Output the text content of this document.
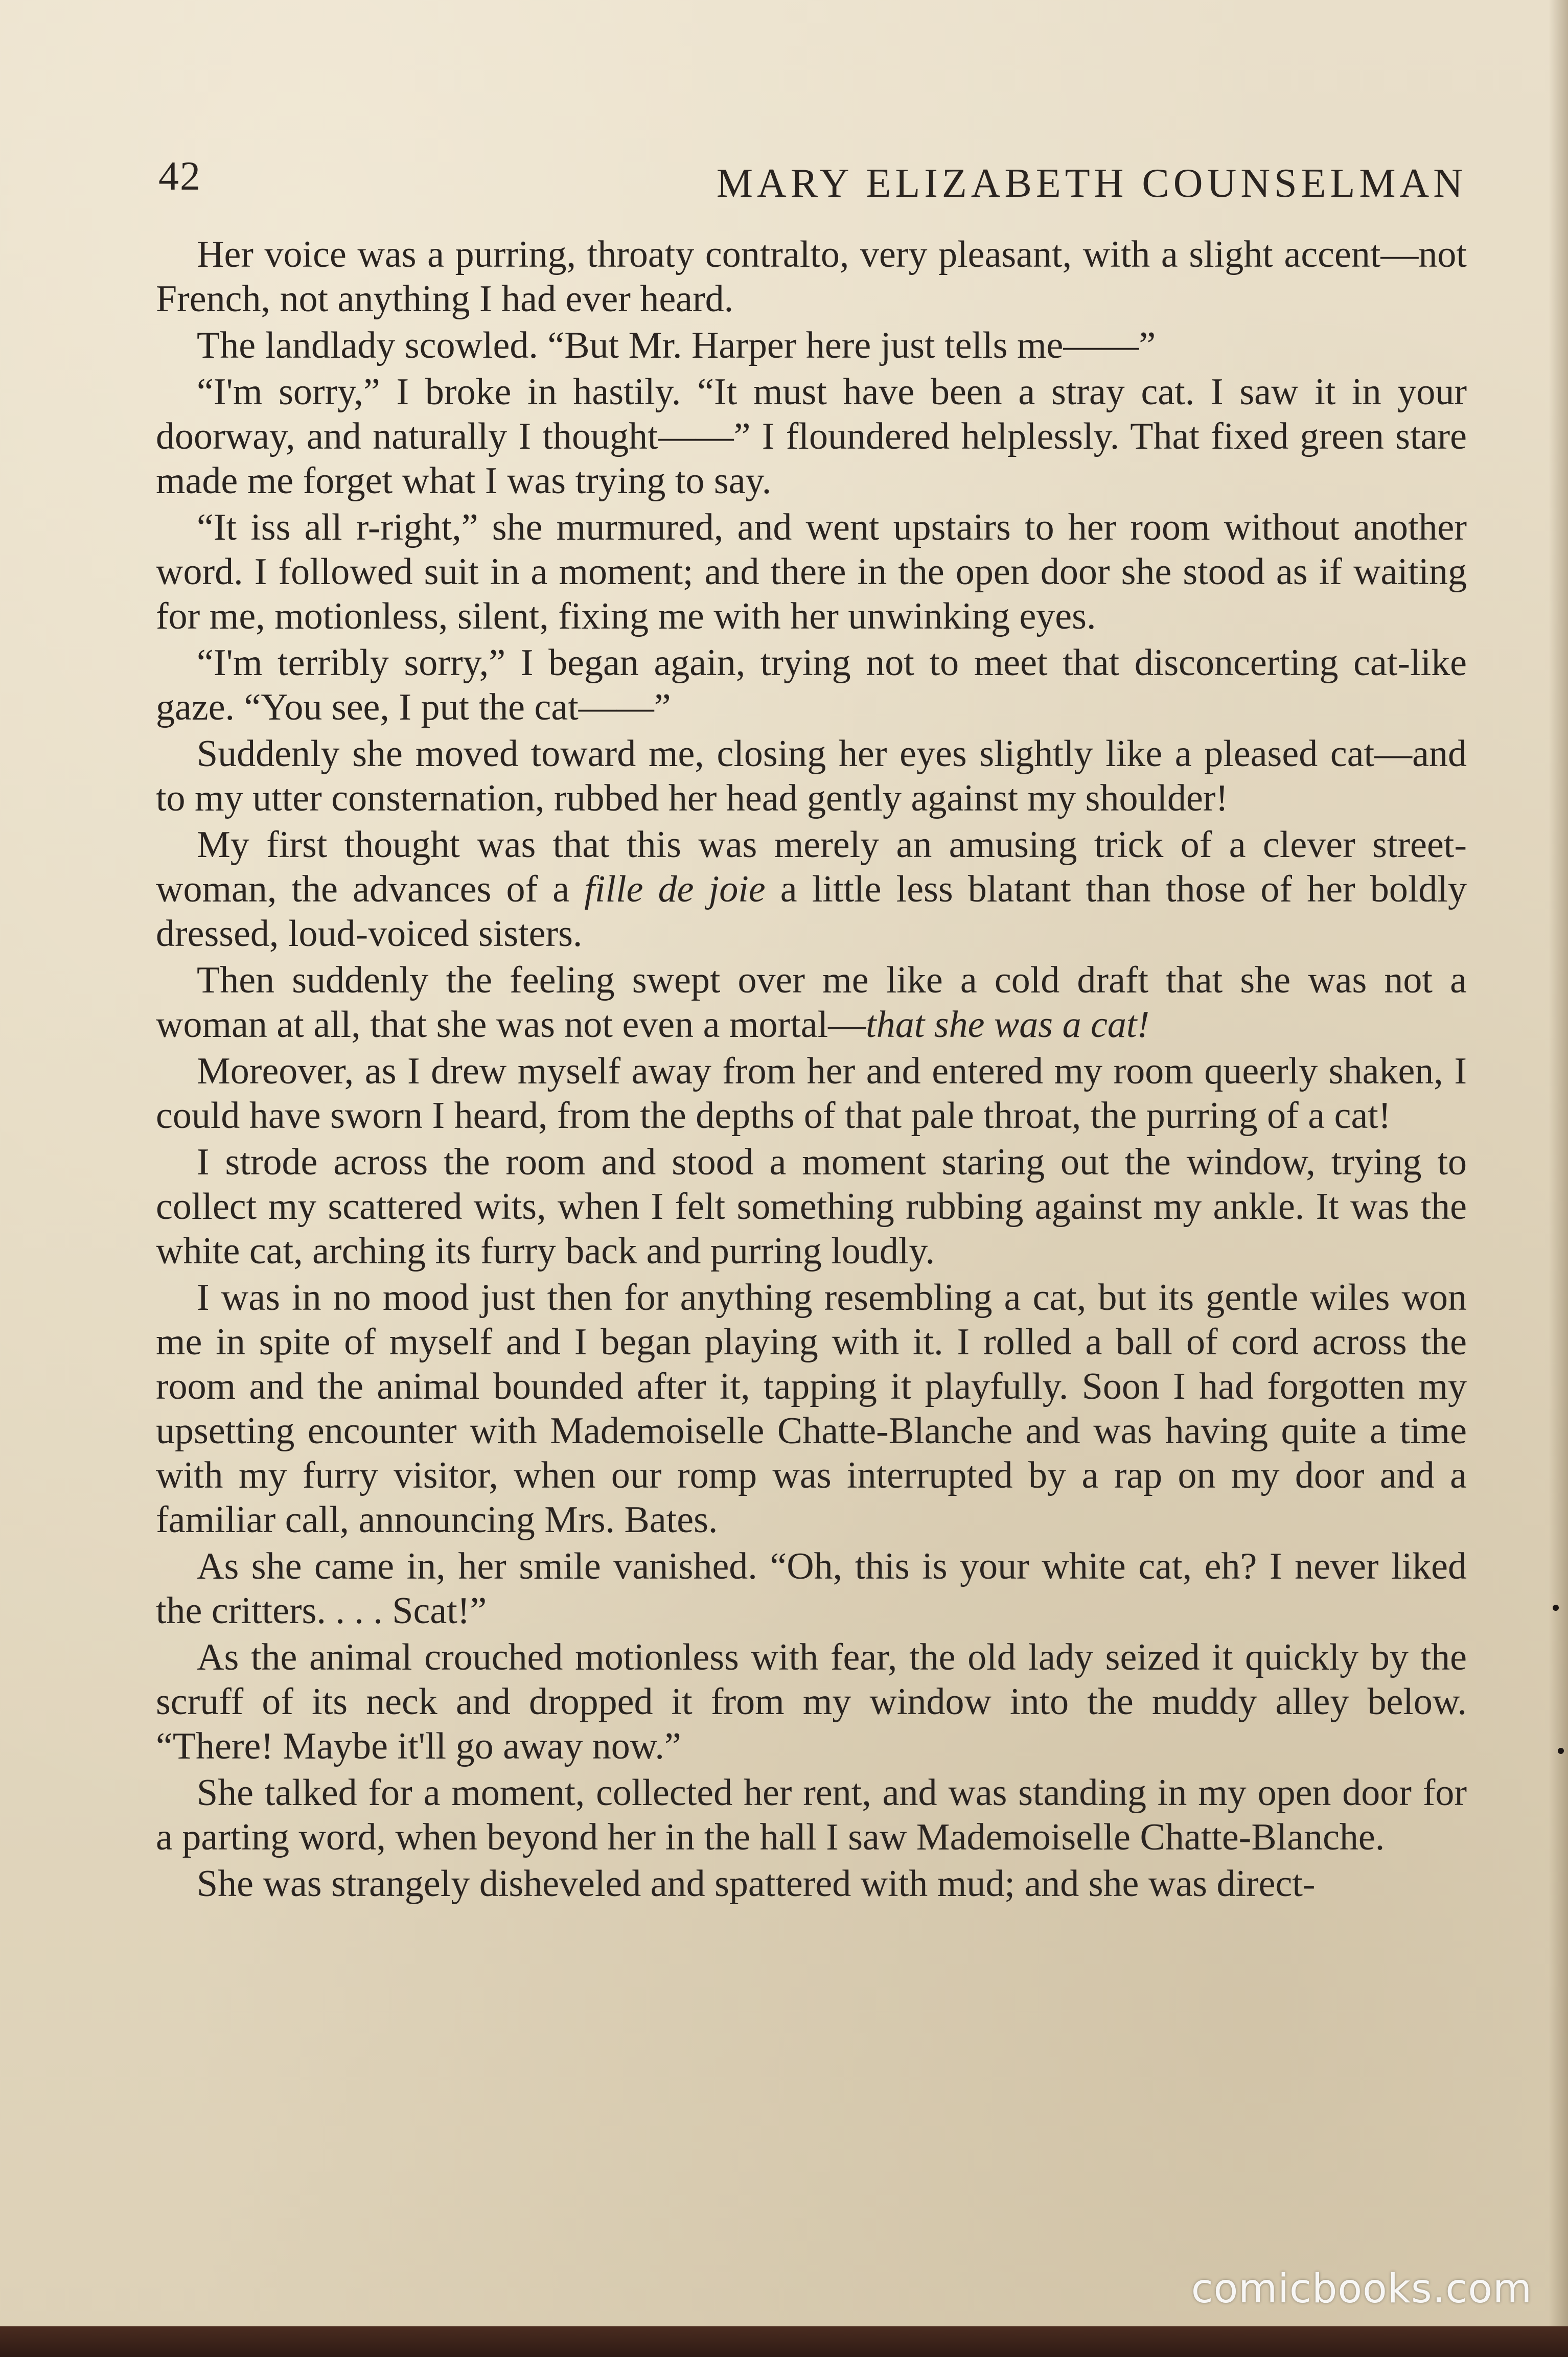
42	MARY ELIZABETH COUNSELMAN

Her voice was a purring, throaty contralto, very pleasant, with a slight accent—not French, not anything I had ever heard.

The landlady scowled. “But Mr. Harper here just tells me——”

“I'm sorry,” I broke in hastily. “It must have been a stray cat. I saw it in your doorway, and naturally I thought——” I floundered helplessly. That fixed green stare made me forget what I was trying to say.

“It iss all r-right,” she murmured, and went upstairs to her room without another word. I followed suit in a moment; and there in the open door she stood as if waiting for me, motionless, silent, fixing me with her unwinking eyes.

“I'm terribly sorry,” I began again, trying not to meet that disconcerting cat-like gaze. “You see, I put the cat——”

Suddenly she moved toward me, closing her eyes slightly like a pleased cat—and to my utter consternation, rubbed her head gently against my shoulder!

My first thought was that this was merely an amusing trick of a clever street-woman, the advances of a fille de joie a little less blatant than those of her boldly dressed, loud-voiced sisters.

Then suddenly the feeling swept over me like a cold draft that she was not a woman at all, that she was not even a mortal—that she was a cat!

Moreover, as I drew myself away from her and entered my room queerly shaken, I could have sworn I heard, from the depths of that pale throat, the purring of a cat!

I strode across the room and stood a moment staring out the window, trying to collect my scattered wits, when I felt something rubbing against my ankle. It was the white cat, arching its furry back and purring loudly.

I was in no mood just then for anything resembling a cat, but its gentle wiles won me in spite of myself and I began playing with it. I rolled a ball of cord across the room and the animal bounded after it, tapping it playfully. Soon I had forgotten my upsetting encounter with Mademoiselle Chatte-Blanche and was having quite a time with my furry visitor, when our romp was interrupted by a rap on my door and a familiar call, announcing Mrs. Bates.

As she came in, her smile vanished. “Oh, this is your white cat, eh? I never liked the critters. . . . Scat!”

As the animal crouched motionless with fear, the old lady seized it quickly by the scruff of its neck and dropped it from my window into the muddy alley below. “There! Maybe it'll go away now.”

She talked for a moment, collected her rent, and was standing in my open door for a parting word, when beyond her in the hall I saw Mademoiselle Chatte-Blanche.

She was strangely disheveled and spattered with mud; and she was direct-

comicbooks.com
